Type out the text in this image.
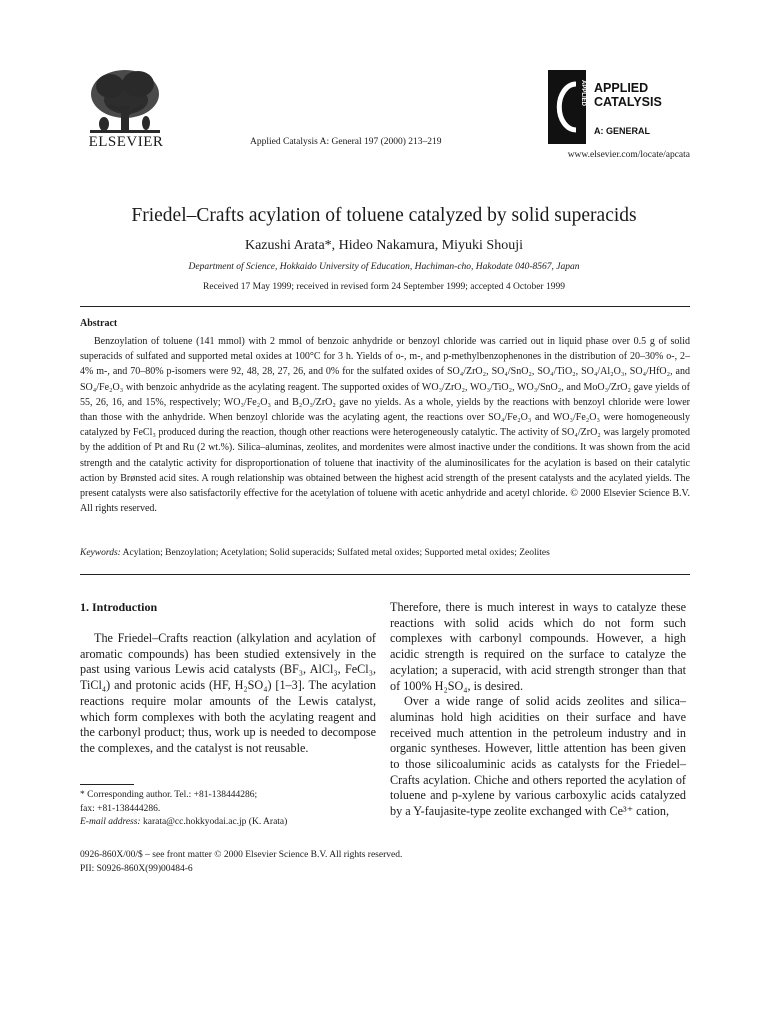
ELSEVIER	Applied Catalysis A: General 197 (2000) 213–219
APPLIED APPLIED
CATALYSIS
A: GENERAL
www.elsevier.com/locate/apcata
Friedel–Crafts acylation of toluene catalyzed by solid superacids
Kazushi Arata*, Hideo Nakamura, Miyuki Shouji
Department of Science, Hokkaido University of Education, Hachiman-cho, Hakodate 040-8567, Japan
Received 17 May 1999; received in revised form 24 September 1999; accepted 4 October 1999
Abstract
Benzoylation of toluene (141 mmol) with 2 mmol of benzoic anhydride or benzoyl chloride was carried out in liquid phase over 0.5 g of solid superacids of sulfated and supported metal oxides at 100°C for 3 h. Yields of o-, m-, and p-methylbenzophenones in the distribution of 20–30% o-, 2–4% m-, and 70–80% p-isomers were 92, 48, 28, 27, 26, and 0% for the sulfated oxides of SO₄/ZrO₂, SO₄/SnO₂, SO₄/TiO₂, SO₄/Al₂O₃, SO₄/HfO₂, and SO₄/Fe₂O₃ with benzoic anhydride as the acylating reagent. The supported oxides of WO₃/ZrO₂, WO₃/TiO₂, WO₃/SnO₂, and MoO₃/ZrO₂ gave yields of 55, 26, 16, and 15%, respectively; WO₃/Fe₂O₃ and B₂O₃/ZrO₂ gave no yields. As a whole, yields by the reactions with benzoyl chloride were lower than those with the anhydride. When benzoyl chloride was the acylating agent, the reactions over SO₄/Fe₂O₃ and WO₃/Fe₂O₃ were homogeneously catalyzed by FeCl₃ produced during the reaction, though other reactions were heterogeneously catalytic. The activity of SO₄/ZrO₂ was largely promoted by the addition of Pt and Ru (2 wt.%). Silica–aluminas, zeolites, and mordenites were almost inactive under the conditions. It was shown from the acid strength and the catalytic activity for disproportionation of toluene that inactivity of the aluminosilicates for the acylation is based on their catalytic action by Brønsted acid sites. A rough relationship was obtained between the highest acid strength of the present catalysts and the acylated yields. The present catalysts were also satisfactorily effective for the acetylation of toluene with acetic anhydride and acetyl chloride. © 2000 Elsevier Science B.V. All rights reserved.
Keywords: Acylation; Benzoylation; Acetylation; Solid superacids; Sulfated metal oxides; Supported metal oxides; Zeolites
1. Introduction

The Friedel–Crafts reaction (alkylation and acylation of aromatic compounds) has been studied extensively in the past using various Lewis acid catalysts (BF₃, AlCl₃, FeCl₃, TiCl₄) and protonic acids (HF, H₂SO₄) [1–3]. The acylation reactions require molar amounts of the Lewis catalyst, which form complexes with both the acylating reagent and the carbonyl product; thus, work up is needed to decompose the complexes, and the catalyst is not reusable.

Therefore, there is much interest in ways to catalyze these reactions with solid acids which do not form such complexes with carbonyl compounds. However, a high acidic strength is required on the surface to catalyze the acylation; a superacid, with acid strength stronger than that of 100% H₂SO₄, is desired.

Over a wide range of solid acids zeolites and silica–aluminas hold high acidities on their surface and have received much attention in the petroleum industry and in organic syntheses. However, little attention has been given to those silicoaluminic acids as catalysts for the Friedel–Crafts acylation. Chiche and others reported the acylation of toluene and p-xylene by various carboxylic acids catalyzed by a Y-faujasite-type zeolite exchanged with Ce³⁺ cation,

* Corresponding author. Tel.: +81-138444286;
fax: +81-138444286.
E-mail address: karata@cc.hokkyodai.ac.jp (K. Arata)
0926-860X/00/$ – see front matter © 2000 Elsevier Science B.V. All rights reserved.
PII: S0926-860X(99)00484-6
